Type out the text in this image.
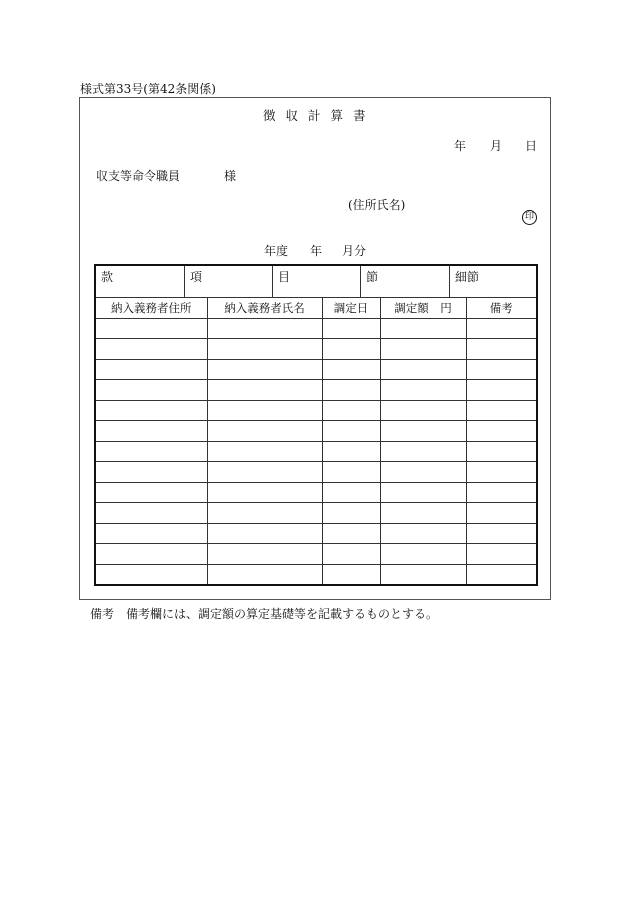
様式第33号(第42条関係)
徴収計算書
年	月	日
収支等命令職員	様
(住所氏名)
印
年度	年	月分
款	項	目	節	細節
納入義務者住所	納入義務者氏名	調定日	調定額　円	備考

備考 備考欄には、調定額の算定基礎等を記載するものとする。
